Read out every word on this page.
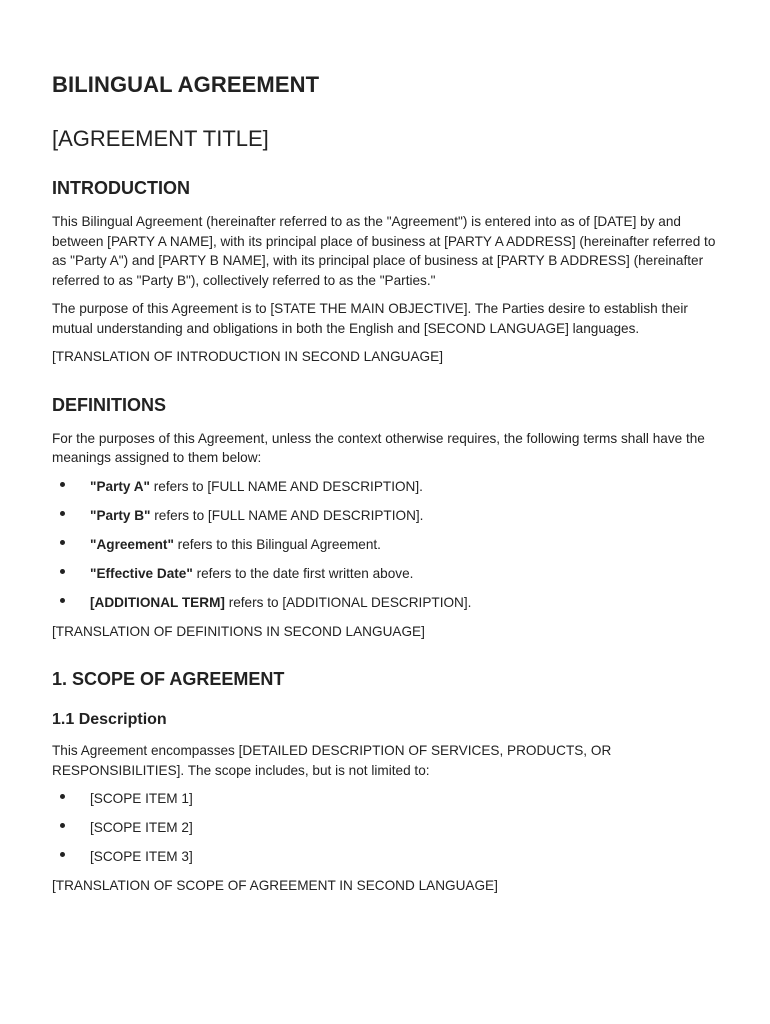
BILINGUAL AGREEMENT
[AGREEMENT TITLE]
INTRODUCTION

This Bilingual Agreement (hereinafter referred to as the "Agreement") is entered into as of [DATE] by and between [PARTY A NAME], with its principal place of business at [PARTY A ADDRESS] (hereinafter referred to as "Party A") and [PARTY B NAME], with its principal place of business at [PARTY B ADDRESS] (hereinafter referred to as "Party B"), collectively referred to as the "Parties."

The purpose of this Agreement is to [STATE THE MAIN OBJECTIVE]. The Parties desire to establish their mutual understanding and obligations in both the English and [SECOND LANGUAGE] languages.

[TRANSLATION OF INTRODUCTION IN SECOND LANGUAGE]

DEFINITIONS

For the purposes of this Agreement, unless the context otherwise requires, the following terms shall have the meanings assigned to them below:

"Party A" refers to [FULL NAME AND DESCRIPTION].
"Party B" refers to [FULL NAME AND DESCRIPTION].
"Agreement" refers to this Bilingual Agreement.
"Effective Date" refers to the date first written above.
[ADDITIONAL TERM] refers to [ADDITIONAL DESCRIPTION].

[TRANSLATION OF DEFINITIONS IN SECOND LANGUAGE]

1. SCOPE OF AGREEMENT
1.1 Description

This Agreement encompasses [DETAILED DESCRIPTION OF SERVICES, PRODUCTS, OR RESPONSIBILITIES]. The scope includes, but is not limited to:

[SCOPE ITEM 1]
[SCOPE ITEM 2]
[SCOPE ITEM 3]

[TRANSLATION OF SCOPE OF AGREEMENT IN SECOND LANGUAGE]
